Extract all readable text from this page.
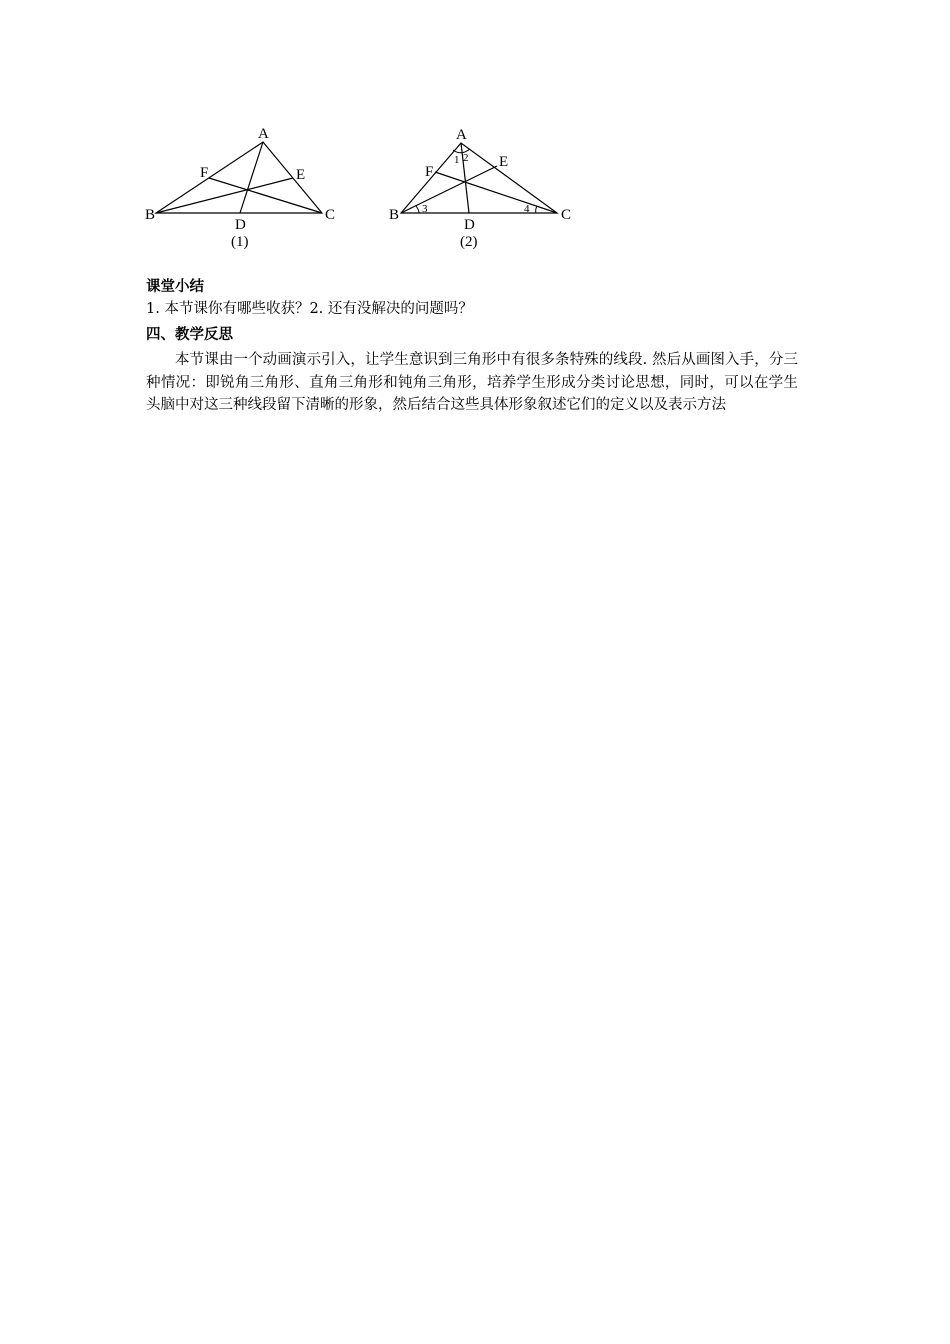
A
B	C
D
E
F
(1)
A
B	C
D
E
F
(2)
1 2
3	4
课堂小结
1. 本节课你有哪些收获？2. 还有没解决的问题吗？
四、教学反思
本节课由一个动画演示引入，让学生意识到三角形中有很多条特殊的线段. 然后从画图入手，分三种情况：即锐角三角形、直角三角形和钝角三角形，培养学生形成分类讨论思想，同时，可以在学生头脑中对这三种线段留下清晰的形象，然后结合这些具体形象叙述它们的定义以及表示方法
